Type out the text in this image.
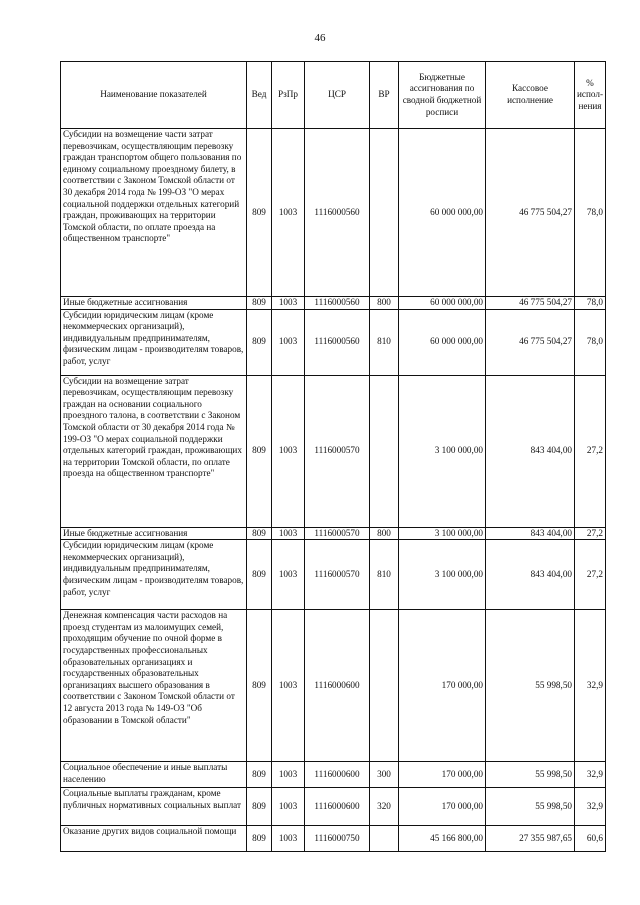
46
Наименование показателей	Вед	РзПр	ЦСР	ВР	Бюджетные ассигнования по сводной бюджетной росписи	Кассовое исполнение	% испол-нения
Субсидии на возмещение части затрат перевозчикам, осуществляющим перевозку граждан транспортом общего пользования по единому социальному проездному билету, в соответствии с Законом Томской области от 30 декабря 2014 года № 199-ОЗ "О мерах социальной поддержки отдельных категорий граждан, проживающих на территории Томской области, по оплате проезда на общественном транспорте"	809	1003	1116000560		60 000 000,00	46 775 504,27	78,0
Иные бюджетные ассигнования	809	1003	1116000560	800	60 000 000,00	46 775 504,27	78,0
Субсидии юридическим лицам (кроме некоммерческих организаций), индивидуальным предпринимателям, физическим лицам - производителям товаров, работ, услуг	809	1003	1116000560	810	60 000 000,00	46 775 504,27	78,0
Субсидии на возмещение затрат перевозчикам, осуществляющим перевозку граждан на основании социального проездного талона, в соответствии с Законом Томской области от 30 декабря 2014 года № 199-ОЗ "О мерах социальной поддержки отдельных категорий граждан, проживающих на территории Томской области, по оплате проезда на общественном транспорте"	809	1003	1116000570		3 100 000,00	843 404,00	27,2
Иные бюджетные ассигнования	809	1003	1116000570	800	3 100 000,00	843 404,00	27,2
Субсидии юридическим лицам (кроме некоммерческих организаций), индивидуальным предпринимателям, физическим лицам - производителям товаров, работ, услуг	809	1003	1116000570	810	3 100 000,00	843 404,00	27,2
Денежная компенсация части расходов на проезд студентам из малоимущих семей, проходящим обучение по очной форме в государственных профессиональных образовательных организациях и государственных образовательных организациях высшего образования в соответствии с Законом Томской области от 12 августа 2013 года № 149-ОЗ "Об образовании в Томской области"	809	1003	1116000600		170 000,00	55 998,50	32,9
Социальное обеспечение и иные выплаты населению	809	1003	1116000600	300	170 000,00	55 998,50	32,9
Социальные выплаты гражданам, кроме публичных нормативных социальных выплат	809	1003	1116000600	320	170 000,00	55 998,50	32,9
Оказание других видов социальной помощи	809	1003	1116000750		45 166 800,00	27 355 987,65	60,6
